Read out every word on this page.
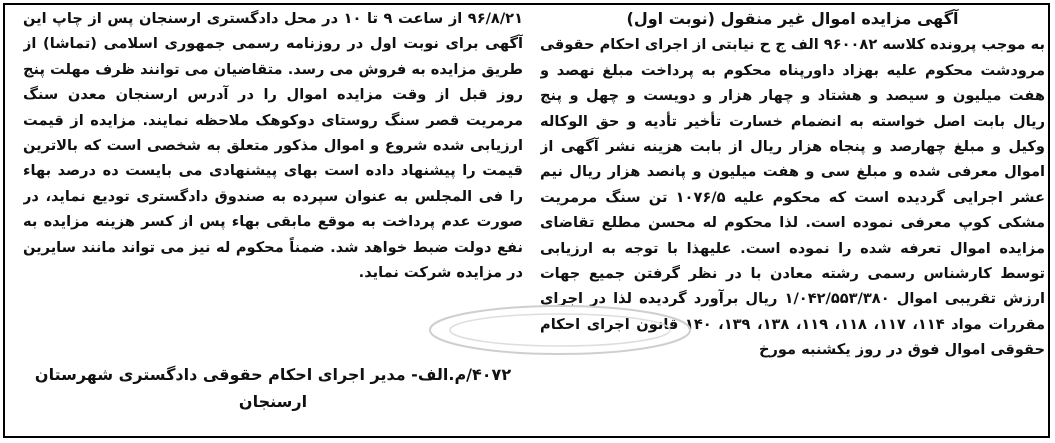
آگهی مزایده اموال غیر منقول (نوبت اول)

به موجب پرونده کلاسه ۹۶۰۰۸۲ الف ج ح نیابتی از اجرای احکام حقوقی مرودشت محکوم علیه بهزاد داورپناه محکوم به پرداخت مبلغ نهصد و هفت میلیون و سیصد و هشتاد و چهار هزار و دویست و چهل و پنج ریال بابت اصل خواسته به انضمام خسارت تأخیر تأدیه و حق الوکاله وکیل و مبلغ چهارصد و پنجاه هزار ریال از بابت هزینه نشر آگهی از اموال معرفی شده و مبلغ سی و هفت میلیون و پانصد هزار ریال نیم عشر اجرایی گردیده است که محکوم علیه ۱۰۷۶/۵ تن سنگ مرمریت مشکی کوپ معرفی نموده است. لذا محکوم له محسن مطلع تقاضای مزایده اموال تعرفه شده را نموده است. علیهذا با توجه به ارزیابی توسط کارشناس رسمی رشته معادن با در نظر گرفتن جمیع جهات ارزش تقریبی اموال ۱/۰۴۲/۵۵۳/۳۸۰ ریال برآورد گردیده لذا در اجرای مقررات مواد ۱۱۴، ۱۱۷، ۱۱۸، ۱۱۹، ۱۳۸، ۱۳۹، ۱۴۰ قانون اجرای احکام حقوقی اموال فوق در روز یکشنبه مورخ

۹۶/۸/۲۱ از ساعت ۹ تا ۱۰ در محل دادگستری ارسنجان پس از چاپ این آگهی برای نوبت اول در روزنامه رسمی جمهوری اسلامی (تماشا) از طریق مزایده به فروش می رسد. متقاضیان می توانند ظرف مهلت پنج روز قبل از وقت مزایده اموال را در آدرس ارسنجان معدن سنگ مرمریت قصر سنگ روستای دوکوهک ملاحظه نمایند. مزایده از قیمت ارزیابی شده شروع و اموال مذکور متعلق به شخصی است که بالاترین قیمت را پیشنهاد داده است بهای پیشنهادی می بایست ده درصد بهاء را فی المجلس به عنوان سپرده به صندوق دادگستری تودیع نماید، در صورت عدم پرداخت به موقع مابقی بهاء پس از کسر هزینه مزایده به نفع دولت ضبط خواهد شد. ضمناً محکوم له نیز می تواند مانند سایرین در مزایده شرکت نماید.

۴۰۷۲/م.الف- مدیر اجرای احکام حقوقی دادگستری شهرستان ارسنجان
